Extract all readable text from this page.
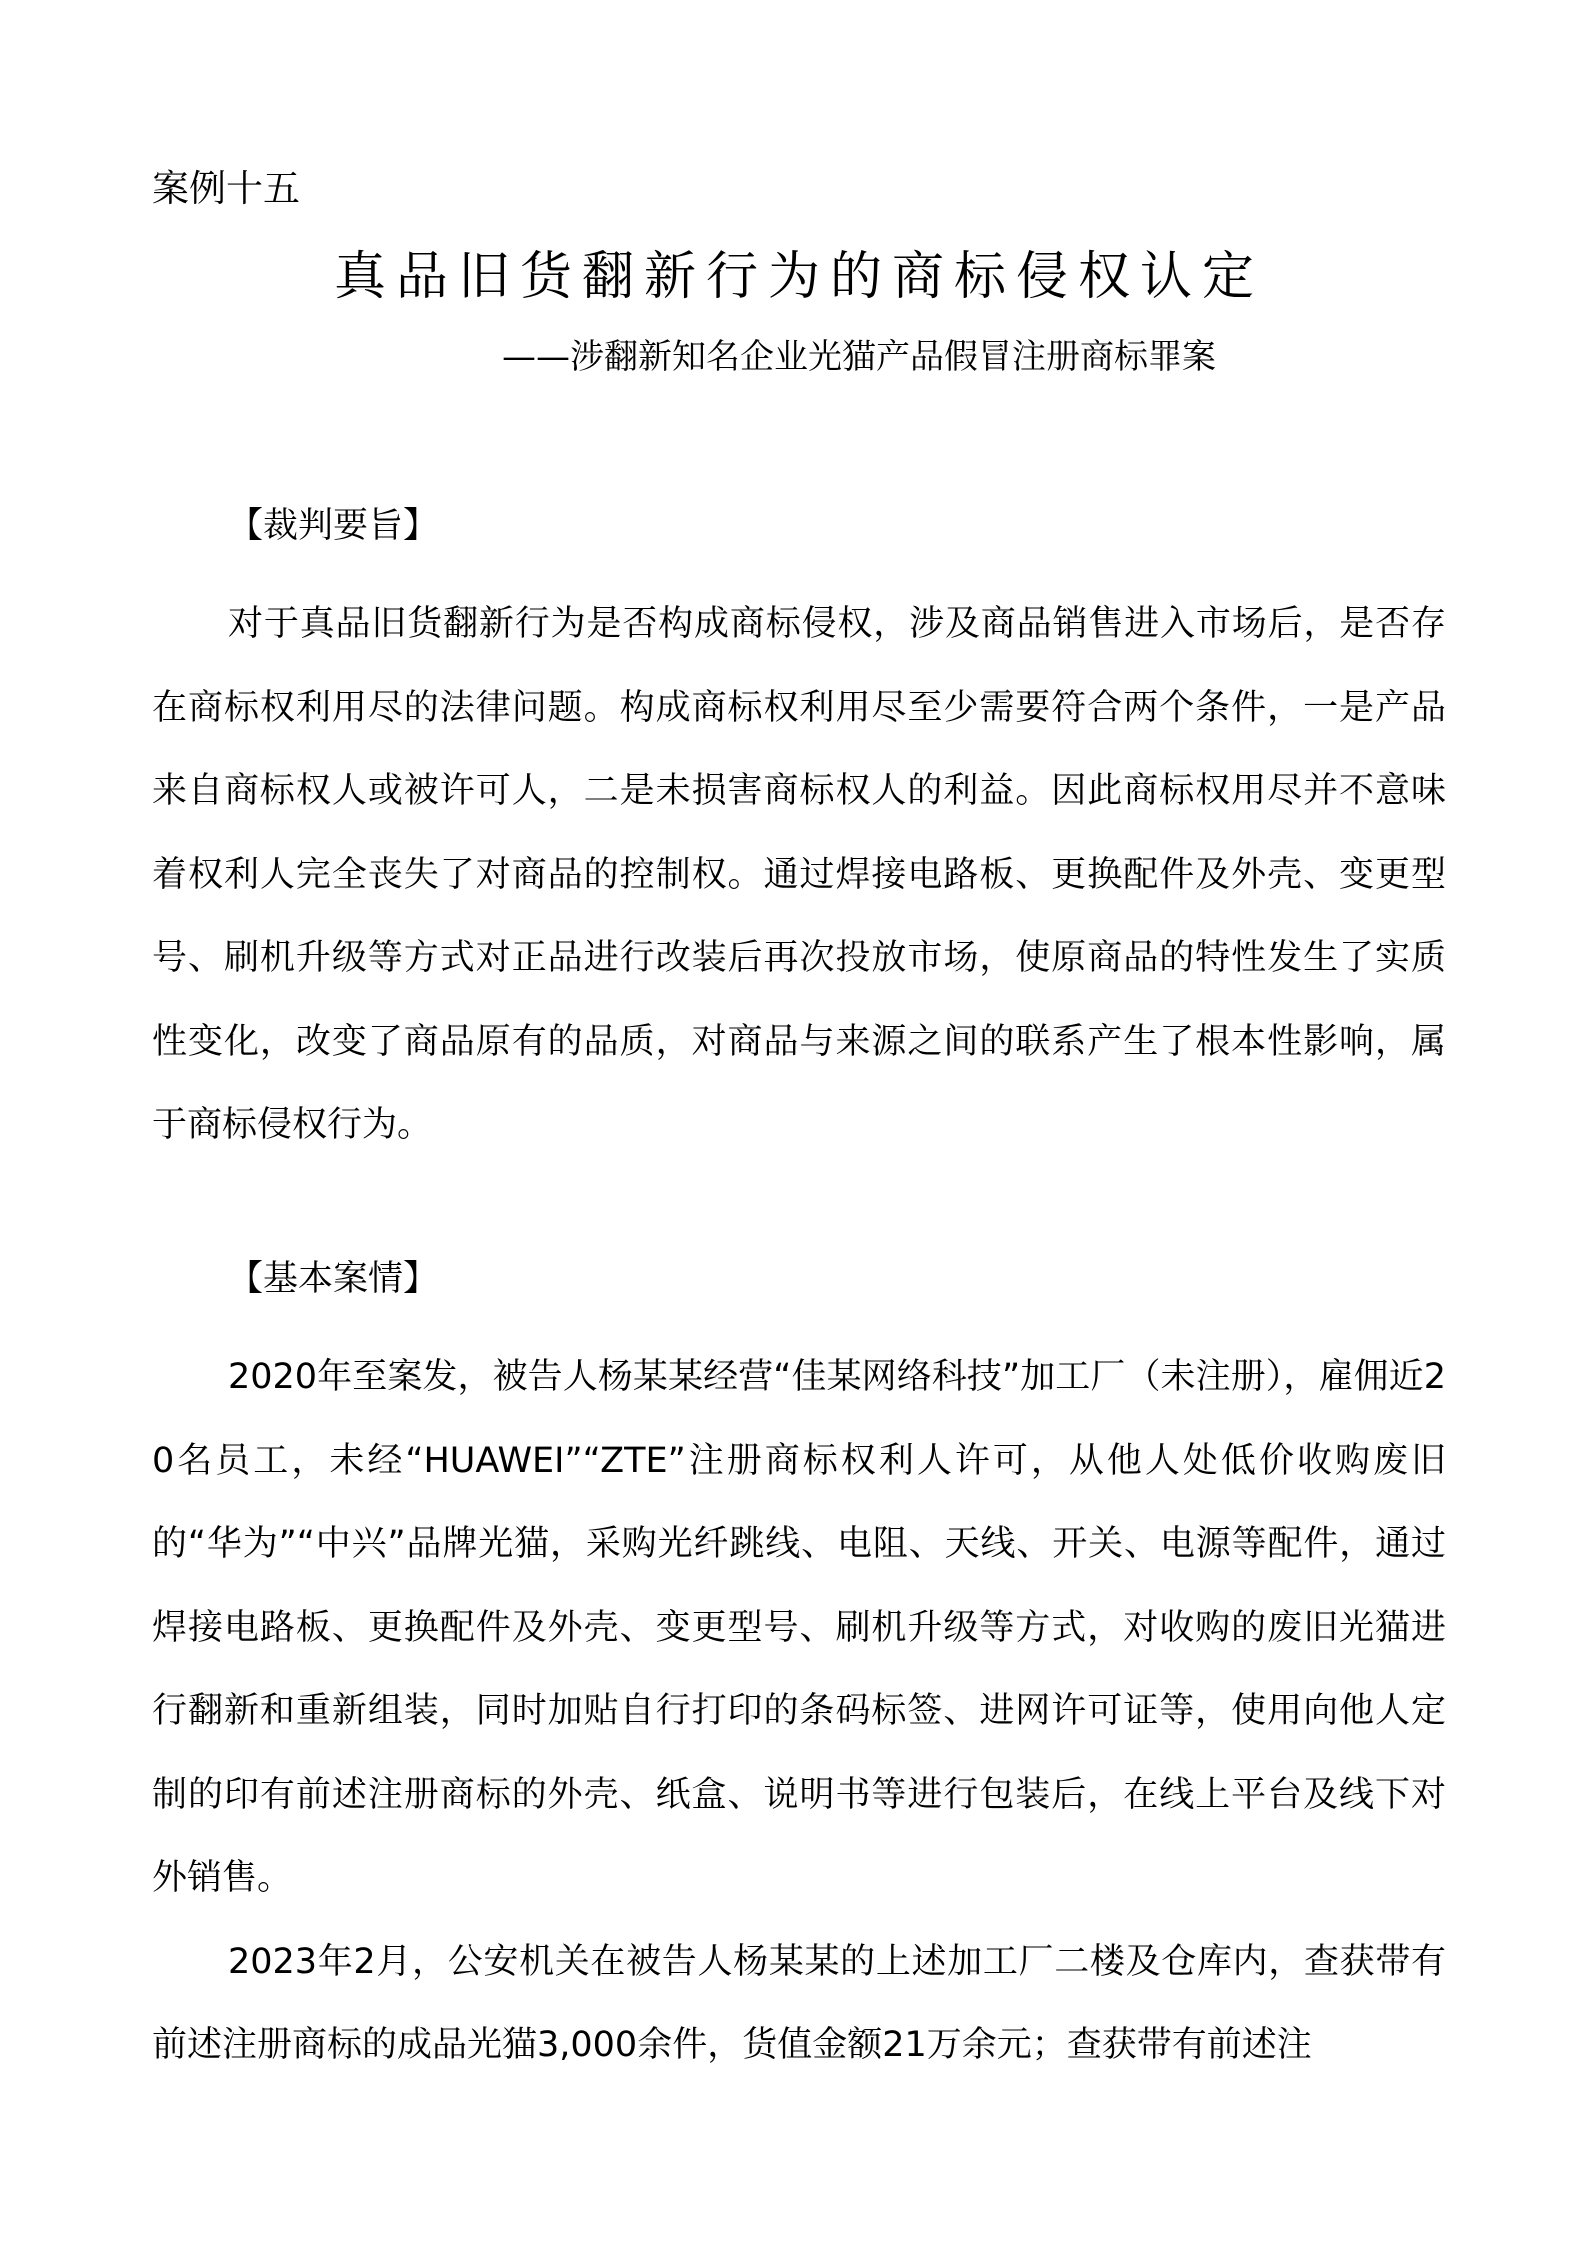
案例十五

真品旧货翻新行为的商标侵权认定

——涉翻新知名企业光猫产品假冒注册商标罪案

【裁判要旨】

对于真品旧货翻新行为是否构成商标侵权，涉及商品销售进入市场后，是否存在商标权利用尽的法律问题。构成商标权利用尽至少需要符合两个条件，一是产品来自商标权人或被许可人，二是未损害商标权人的利益。因此商标权用尽并不意味着权利人完全丧失了对商品的控制权。通过焊接电路板、更换配件及外壳、变更型号、刷机升级等方式对正品进行改装后再次投放市场，使原商品的特性发生了实质性变化，改变了商品原有的品质，对商品与来源之间的联系产生了根本性影响，属于商标侵权行为。

【基本案情】

2020年至案发，被告人杨某某经营“佳某网络科技”加工厂（未注册），雇佣近20名员工，未经“HUAWEI”“ZTE”注册商标权利人许可，从他人处低价收购废旧的“华为”“中兴”品牌光猫，采购光纤跳线、电阻、天线、开关、电源等配件，通过焊接电路板、更换配件及外壳、变更型号、刷机升级等方式，对收购的废旧光猫进行翻新和重新组装，同时加贴自行打印的条码标签、进网许可证等，使用向他人定制的印有前述注册商标的外壳、纸盒、说明书等进行包装后，在线上平台及线下对外销售。

2023年2月，公安机关在被告人杨某某的上述加工厂二楼及仓库内，查获带有前述注册商标的成品光猫3,000余件，货值金额21万余元；查获带有前述注
